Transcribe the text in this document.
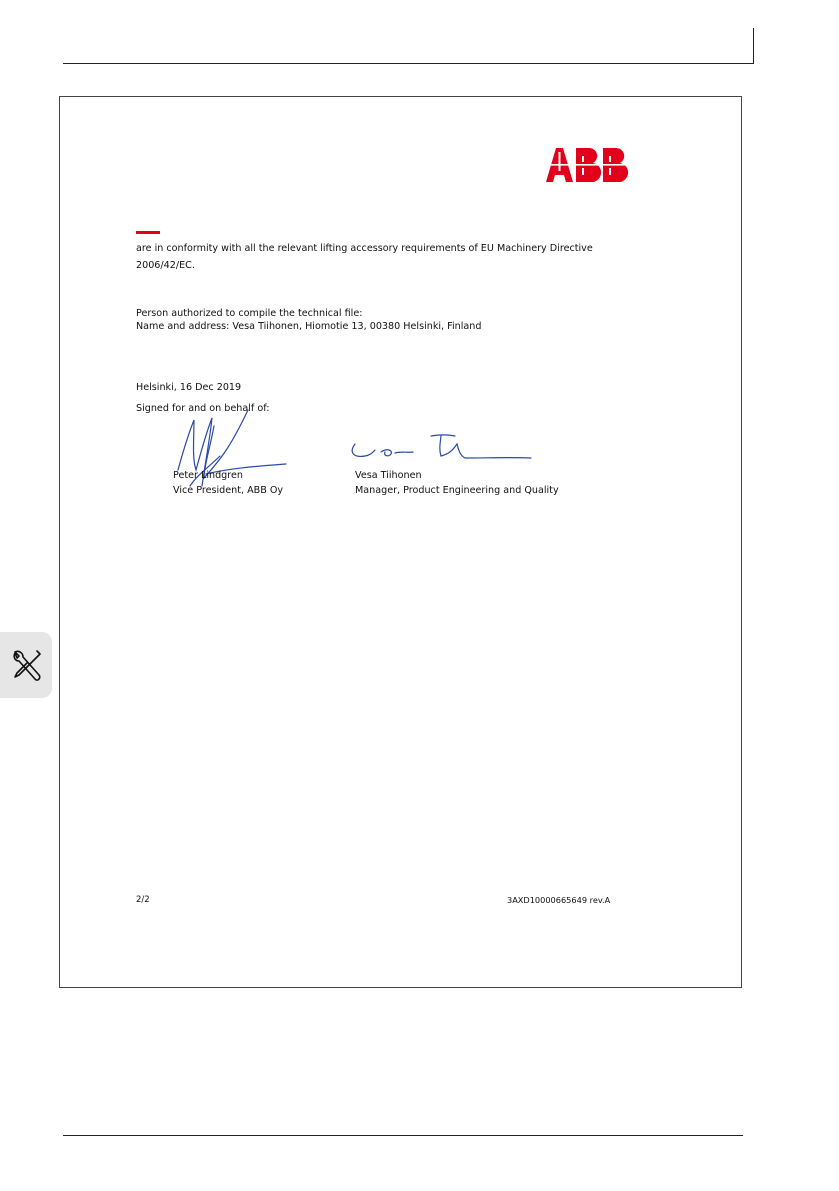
are in conformity with all the relevant lifting accessory requirements of EU Machinery Directive
2006/42/EC.
Person authorized to compile the technical file:
Name and address: Vesa Tiihonen, Hiomotie 13, 00380 Helsinki, Finland
Helsinki, 16 Dec 2019
Signed for and on behalf of:
Peter Lindgren
Vice President, ABB Oy
Vesa Tiihonen
Manager, Product Engineering and Quality
2/2	3AXD10000665649 rev.A
